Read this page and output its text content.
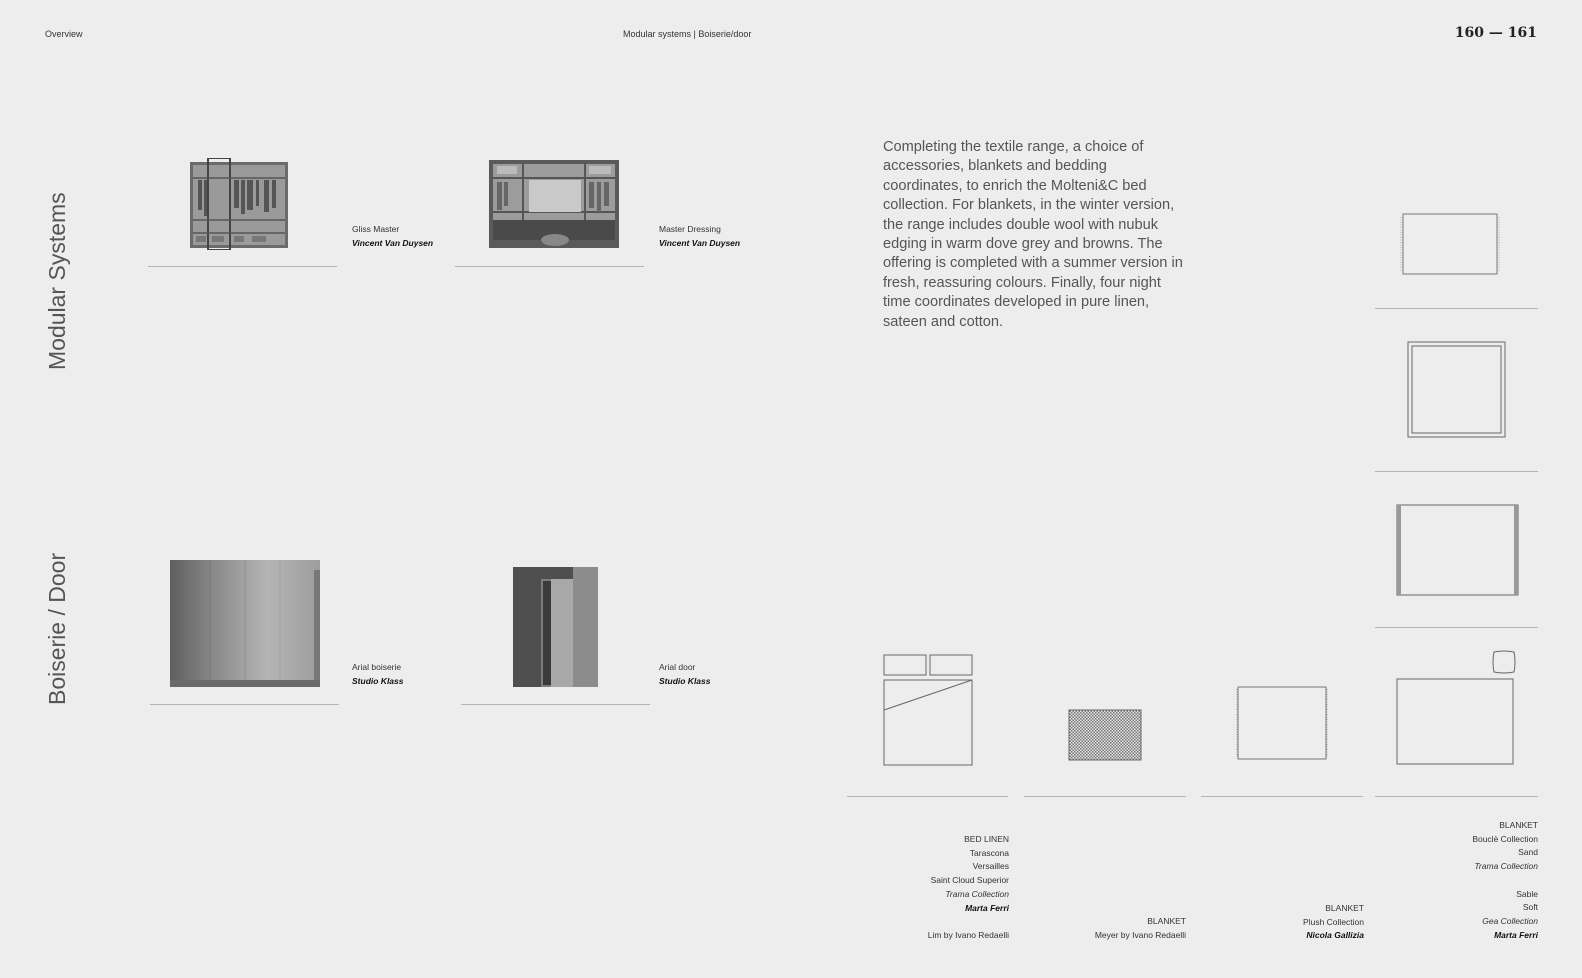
Overview	Modular systems | Boiserie/door	160 — 161
Modular Systems
Boiserie / Door
Gliss Master
Vincent Van Duysen
Master Dressing
Vincent Van Duysen
Arial boiserie
Studio Klass
Arial door
Studio Klass
Completing the textile range, a choice of accessories, blankets and bedding coordinates, to enrich the Molteni&C bed collection. For blankets, in the winter version, the range includes double wool with nubuk edging in warm dove grey and browns. The offering is completed with a summer version in fresh, reassuring colours. Finally, four night time coordinates developed in pure linen, sateen and cotton.
BED LINEN
Tarascona
Versailles
Saint Cloud Superior
Trama Collection
Marta Ferri
Lim by Ivano Redaelli
BLANKET
Meyer by Ivano Redaelli
BLANKET
Plush Collection
Nicola Gallizia
BLANKET
Bouclè Collection
Sand
Trama Collection
Sable
Soft
Gea Collection
Marta Ferri
